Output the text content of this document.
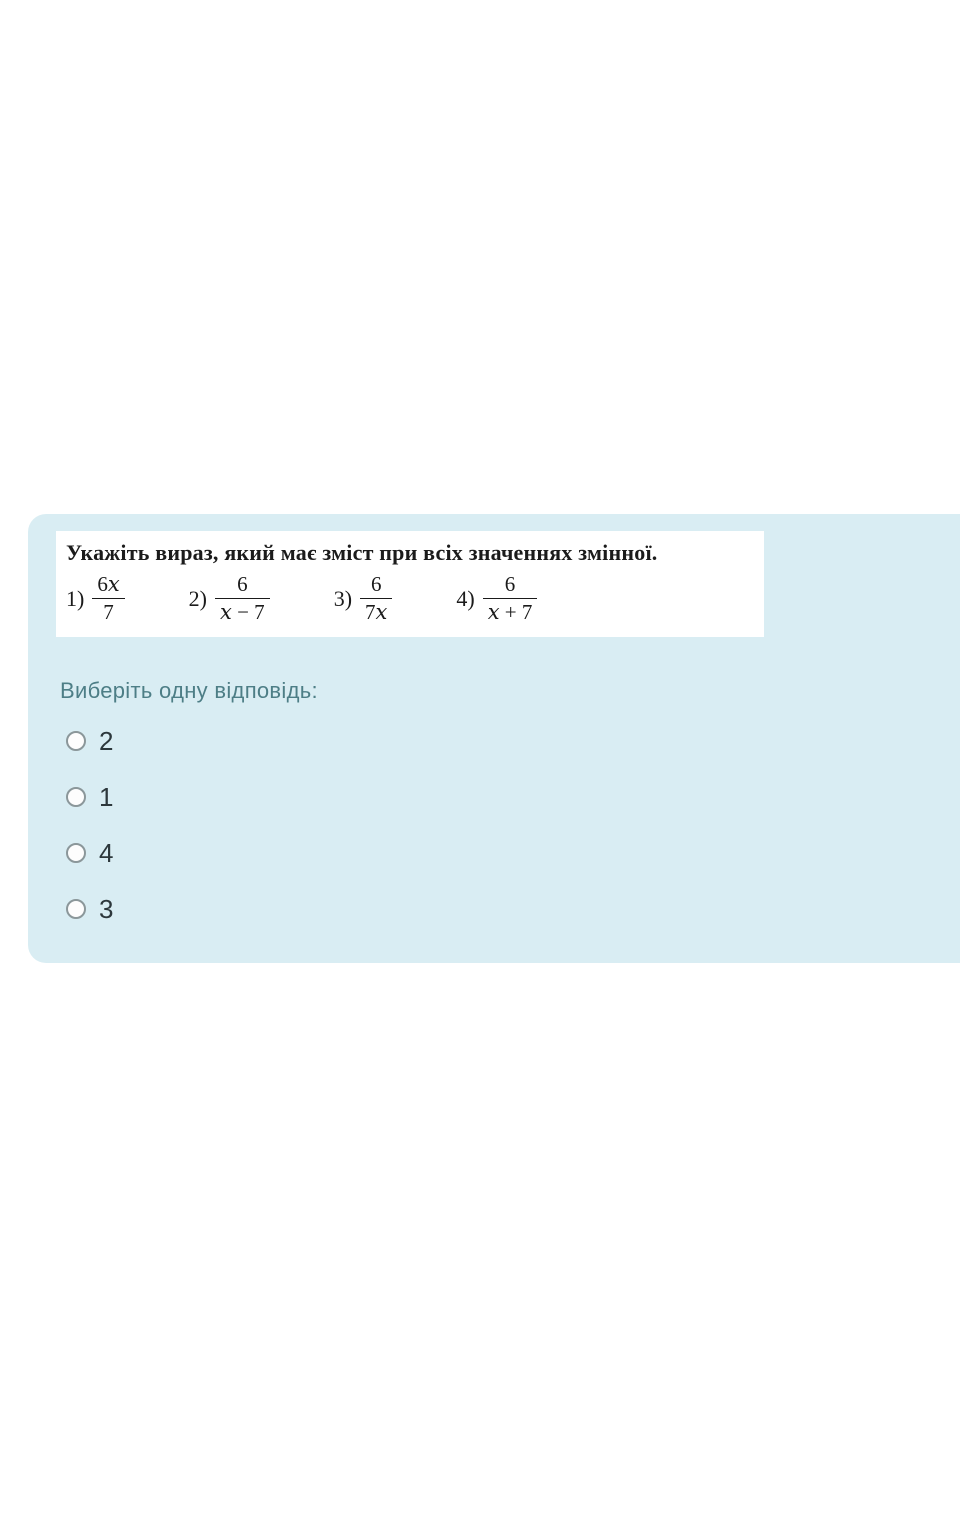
Укажіть вираз, який має зміст при всіх значеннях змінної.

$1) \frac{6x}{7}$	$2) \frac{6}{x - 7}$	$3) \frac{6}{7x}$	$4) \frac{6}{x + 7}$

Виберіть одну відповідь:

2
1
4
3
